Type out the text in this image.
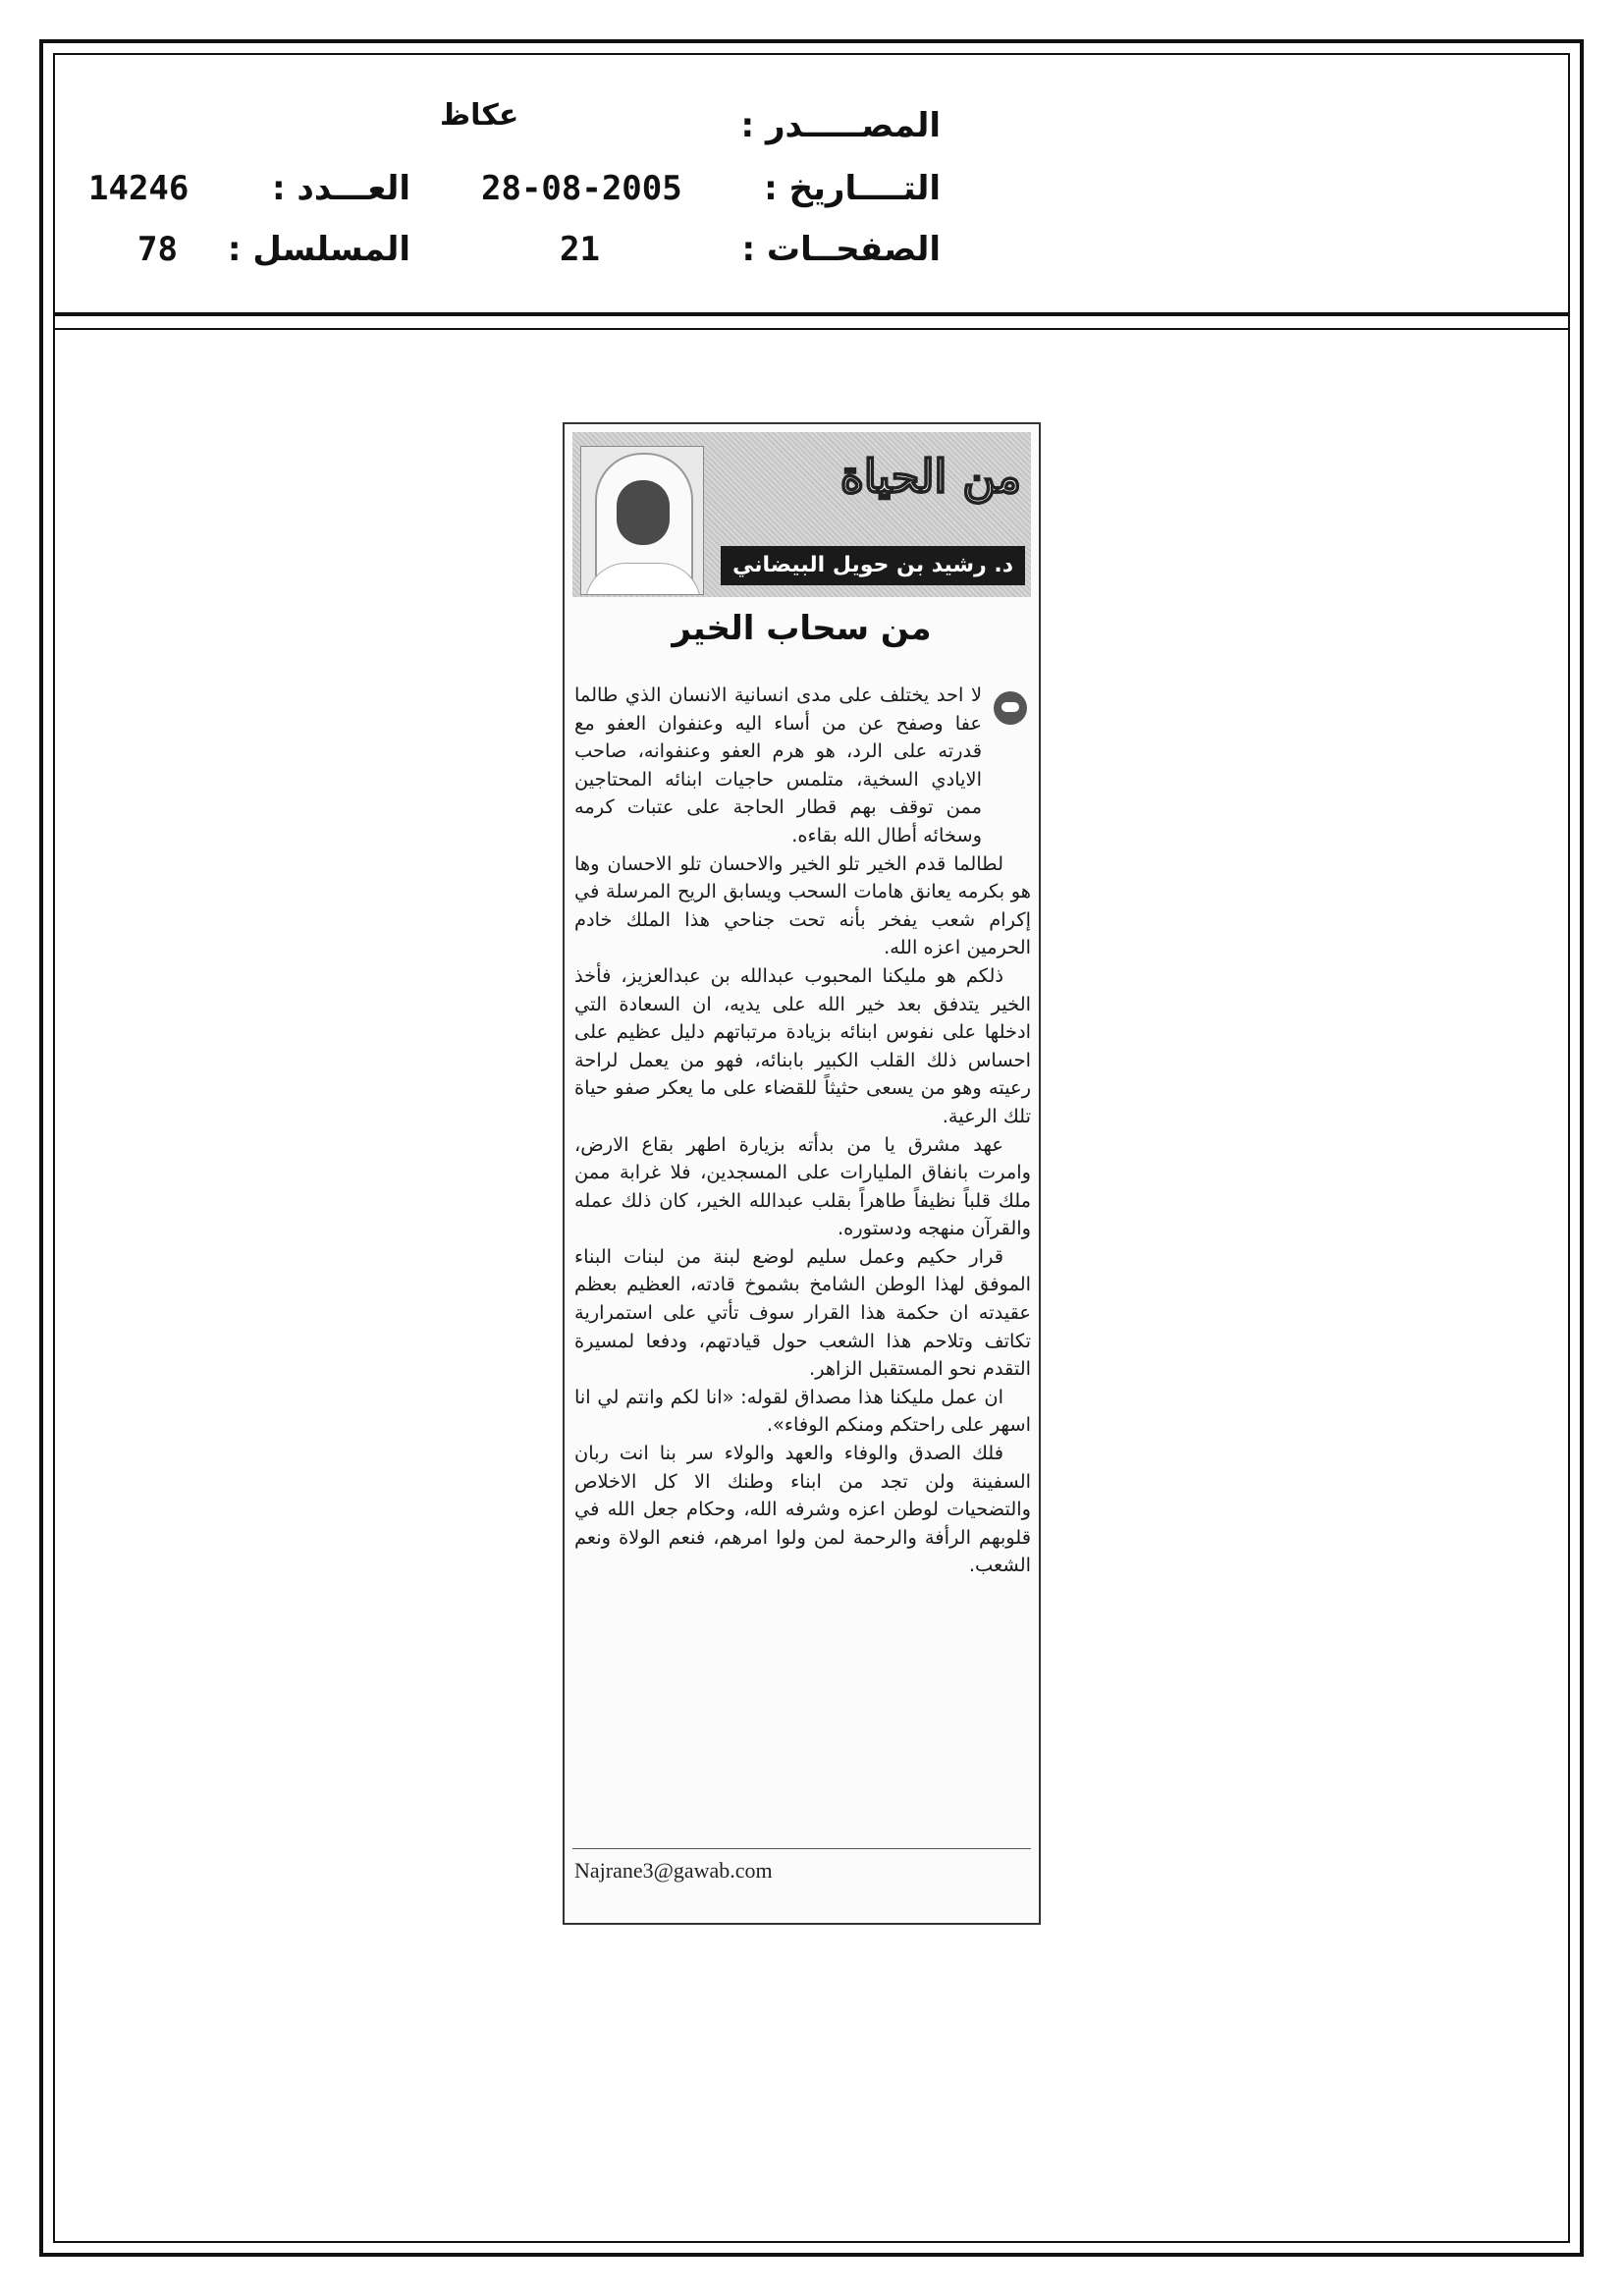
المصـــــدر :
عكاظ
التــــاريخ :
28-08-2005
العـــدد :
14246
الصفحــات :
21
المسلسل :
78
من الحياة
د. رشيد بن حويل البيضاني
من سحاب الخير

لا احد يختلف على مدى انسانية الانسان الذي طالما عفا وصفح عن من أساء اليه وعنفوان العفو مع قدرته على الرد، هو هرم العفو وعنفوانه، صاحب الايادي السخية، متلمس حاجيات ابنائه المحتاجين ممن توقف بهم قطار الحاجة على عتبات كرمه وسخائه أطال الله بقاءه.

لطالما قدم الخير تلو الخير والاحسان تلو الاحسان وها هو بكرمه يعانق هامات السحب ويسابق الريح المرسلة في إكرام شعب يفخر بأنه تحت جناحي هذا الملك خادم الحرمين اعزه الله.

ذلكم هو مليكنا المحبوب عبدالله بن عبدالعزيز، فأخذ الخير يتدفق بعد خير الله على يديه، ان السعادة التي ادخلها على نفوس ابنائه بزيادة مرتباتهم دليل عظيم على احساس ذلك القلب الكبير بابنائه، فهو من يعمل لراحة رعيته وهو من يسعى حثيثاً للقضاء على ما يعكر صفو حياة تلك الرعية.

عهد مشرق يا من بدأته بزيارة اطهر بقاع الارض، وامرت بانفاق المليارات على المسجدين، فلا غرابة ممن ملك قلباً نظيفاً طاهراً بقلب عبدالله الخير، كان ذلك عمله والقرآن منهجه ودستوره.

قرار حكيم وعمل سليم لوضع لبنة من لبنات البناء الموفق لهذا الوطن الشامخ بشموخ قادته، العظيم بعظم عقيدته ان حكمة هذا القرار سوف تأتي على استمرارية تكاتف وتلاحم هذا الشعب حول قيادتهم، ودفعا لمسيرة التقدم نحو المستقبل الزاهر.

ان عمل مليكنا هذا مصداق لقوله: «انا لكم وانتم لي انا اسهر على راحتكم ومنكم الوفاء».

فلك الصدق والوفاء والعهد والولاء سر بنا انت ربان السفينة ولن تجد من ابناء وطنك الا كل الاخلاص والتضحيات لوطن اعزه وشرفه الله، وحكام جعل الله في قلوبهم الرأفة والرحمة لمن ولوا امرهم، فنعم الولاة ونعم الشعب.

Najrane3@gawab.com
